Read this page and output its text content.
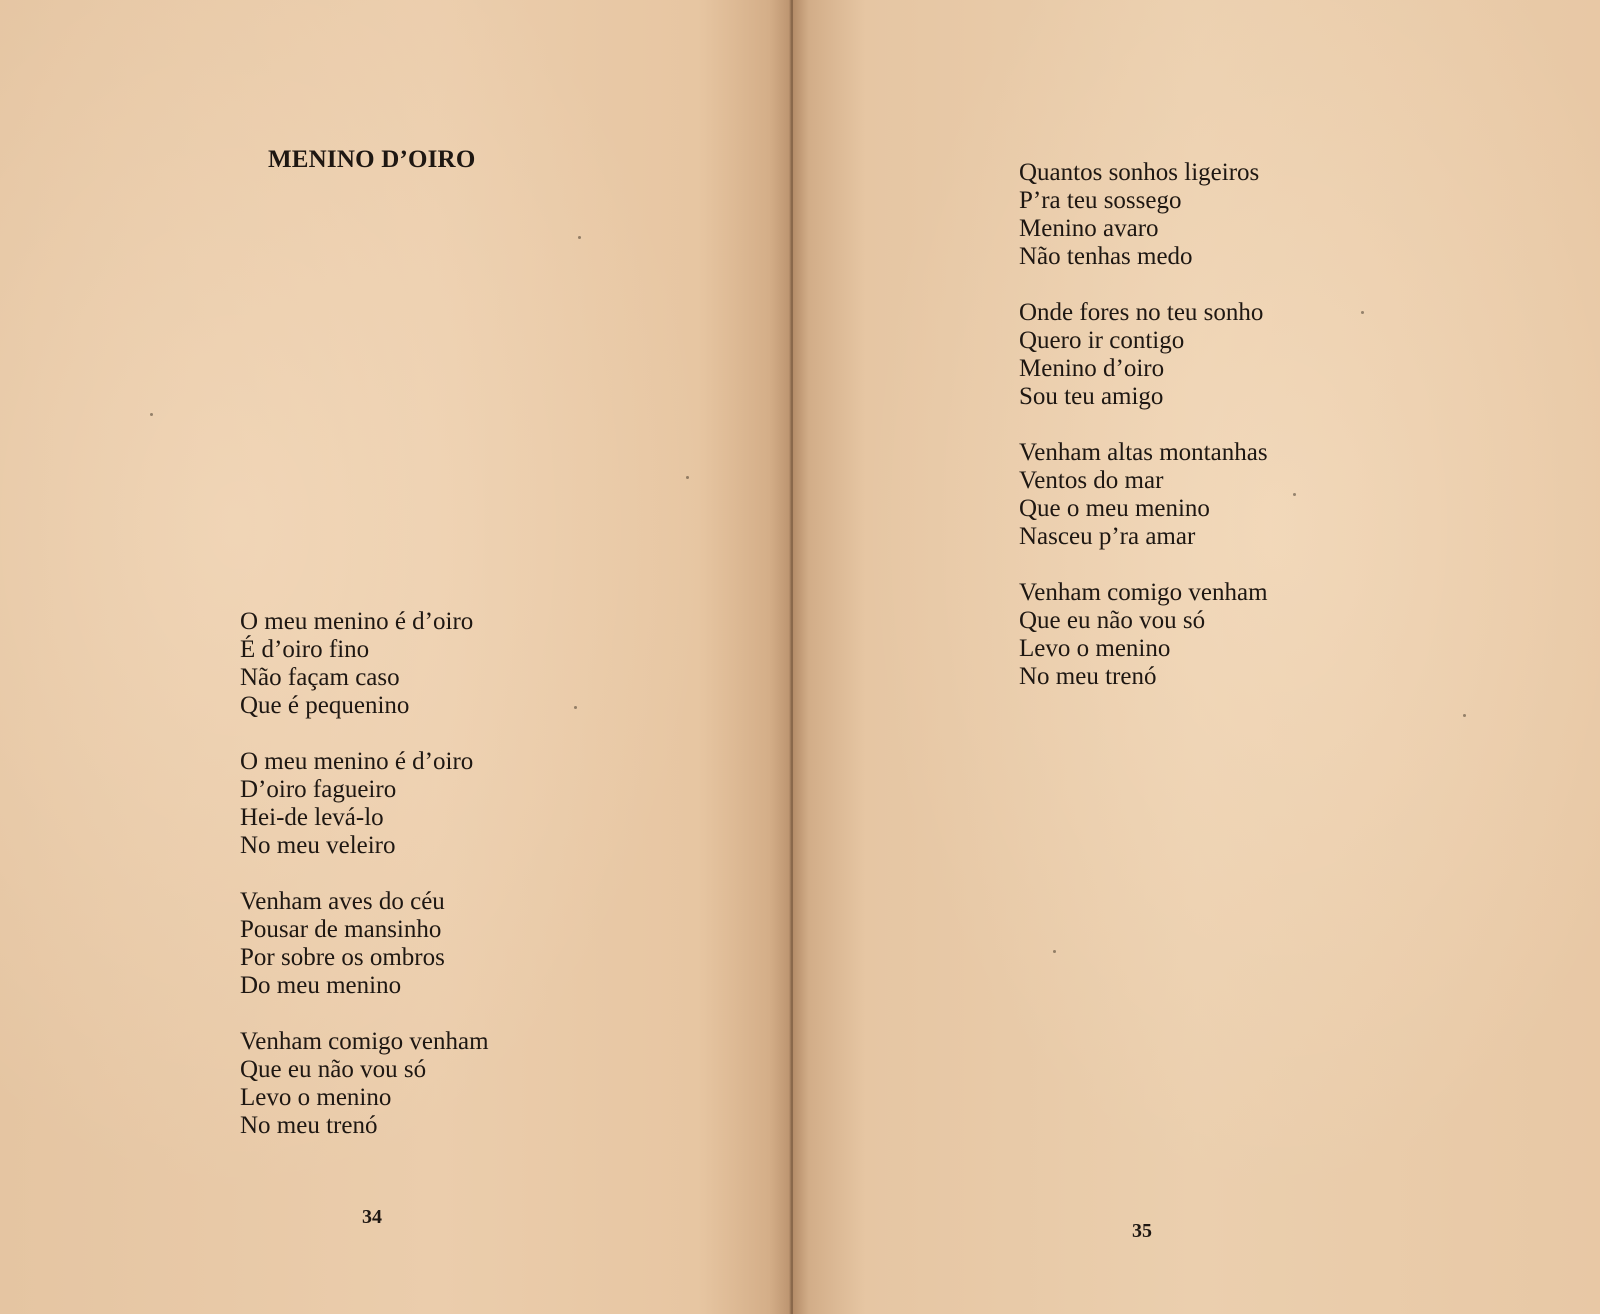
MENINO D’OIRO
O meu menino é d’oiro
É d’oiro fino
Não façam caso
Que é pequenino
O meu menino é d’oiro
D’oiro fagueiro
Hei-de levá-lo
No meu veleiro
Venham aves do céu
Pousar de mansinho
Por sobre os ombros
Do meu menino
Venham comigo venham
Que eu não vou só
Levo o menino
No meu trenó
34
Quantos sonhos ligeiros
P’ra teu sossego
Menino avaro
Não tenhas medo
Onde fores no teu sonho
Quero ir contigo
Menino d’oiro
Sou teu amigo
Venham altas montanhas
Ventos do mar
Que o meu menino
Nasceu p’ra amar
Venham comigo venham
Que eu não vou só
Levo o menino
No meu trenó
35
